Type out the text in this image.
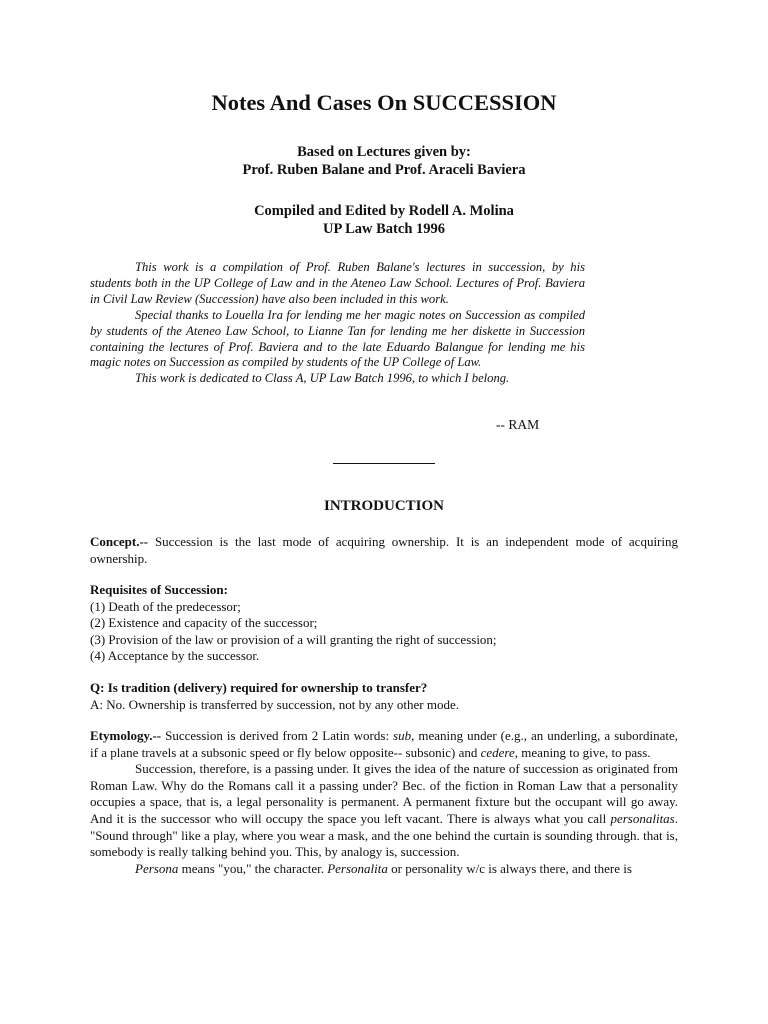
Notes And Cases On SUCCESSION
Based on Lectures given by:
Prof. Ruben Balane and Prof. Araceli Baviera
Compiled and Edited by Rodell A. Molina
UP Law Batch 1996

This work is a compilation of Prof. Ruben Balane's lectures in succession, by his students both in the UP College of Law and in the Ateneo Law School. Lectures of Prof. Baviera in Civil Law Review (Succession) have also been included in this work.

Special thanks to Louella Ira for lending me her magic notes on Succession as compiled by students of the Ateneo Law School, to Lianne Tan for lending me her diskette in Succession containing the lectures of Prof. Baviera and to the late Eduardo Balangue for lending me his magic notes on Succession as compiled by students of the UP College of Law.

This work is dedicated to Class A, UP Law Batch 1996, to which I belong.

-- RAM
INTRODUCTION

Concept.-- Succession is the last mode of acquiring ownership. It is an independent mode of acquiring ownership.

Requisites of Succession:

(1) Death of the predecessor;
(2) Existence and capacity of the successor;
(3) Provision of the law or provision of a will granting the right of succession;
(4) Acceptance by the successor.

Q: Is tradition (delivery) required for ownership to transfer?

A: No. Ownership is transferred by succession, not by any other mode.

Etymology.-- Succession is derived from 2 Latin words: sub, meaning under (e.g., an underling, a subordinate, if a plane travels at a subsonic speed or fly below opposite-- subsonic) and cedere, meaning to give, to pass.

Succession, therefore, is a passing under. It gives the idea of the nature of succession as originated from Roman Law. Why do the Romans call it a passing under? Bec. of the fiction in Roman Law that a personality occupies a space, that is, a legal personality is permanent. A permanent fixture but the occupant will go away. And it is the successor who will occupy the space you left vacant. There is always what you call personalitas. "Sound through" like a play, where you wear a mask, and the one behind the curtain is sounding through. that is, somebody is really talking behind you. This, by analogy is, succession.

Persona means "you," the character. Personalita or personality w/c is always there, and there is
